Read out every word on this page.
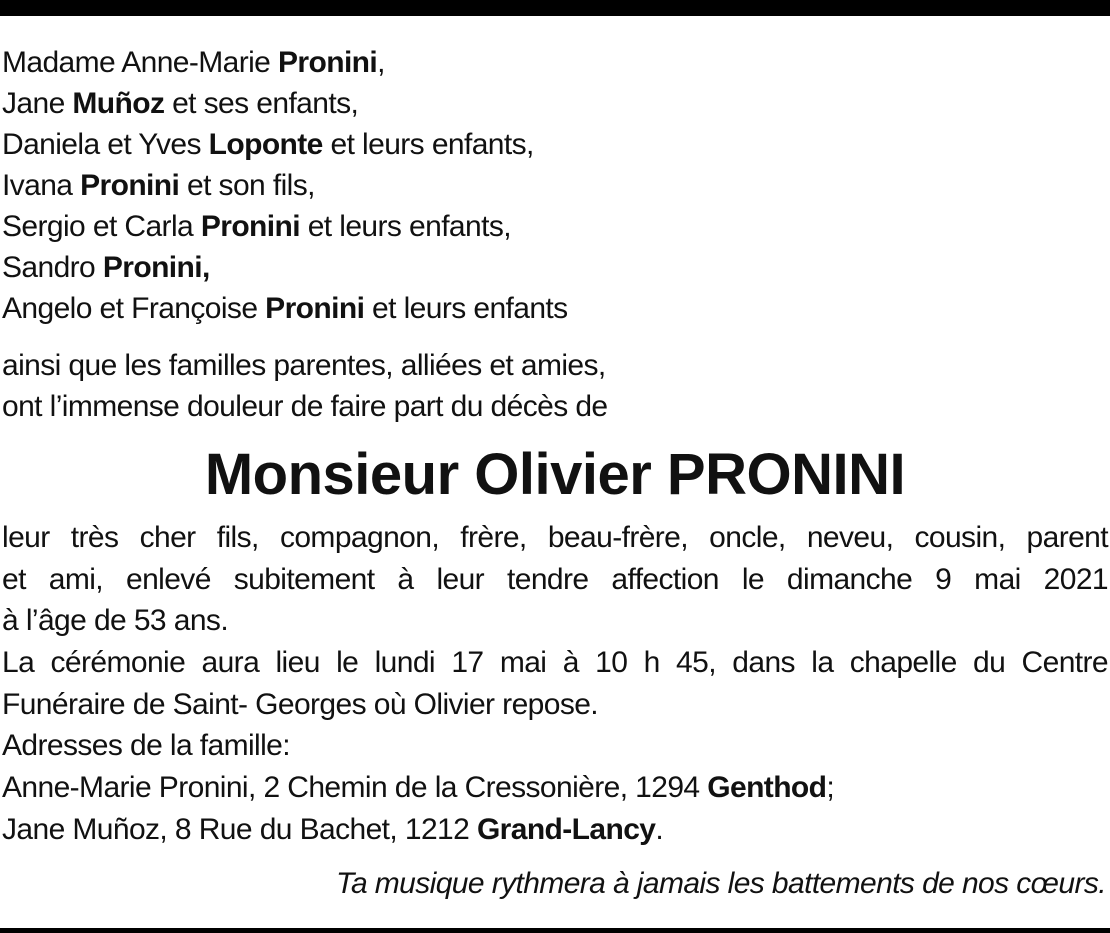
Madame Anne-Marie Pronini,
Jane Muñoz et ses enfants,
Daniela et Yves Loponte et leurs enfants,
Ivana Pronini et son fils,
Sergio et Carla Pronini et leurs enfants,
Sandro Pronini,
Angelo et Françoise Pronini et leurs enfants
ainsi que les familles parentes, alliées et amies,
ont l’immense douleur de faire part du décès de
Monsieur Olivier PRONINI
leur très cher fils, compagnon, frère, beau-frère, oncle, neveu, cousin, parent
et ami, enlevé subitement à leur tendre affection le dimanche 9 mai 2021
à l’âge de 53 ans.
La cérémonie aura lieu le lundi 17 mai à 10 h 45, dans la chapelle du Centre
Funéraire de Saint- Georges où Olivier repose.
Adresses de la famille:
Anne-Marie Pronini, 2 Chemin de la Cressonière, 1294 Genthod;
Jane Muñoz, 8 Rue du Bachet, 1212 Grand-Lancy.
Ta musique rythmera à jamais les battements de nos cœurs.
